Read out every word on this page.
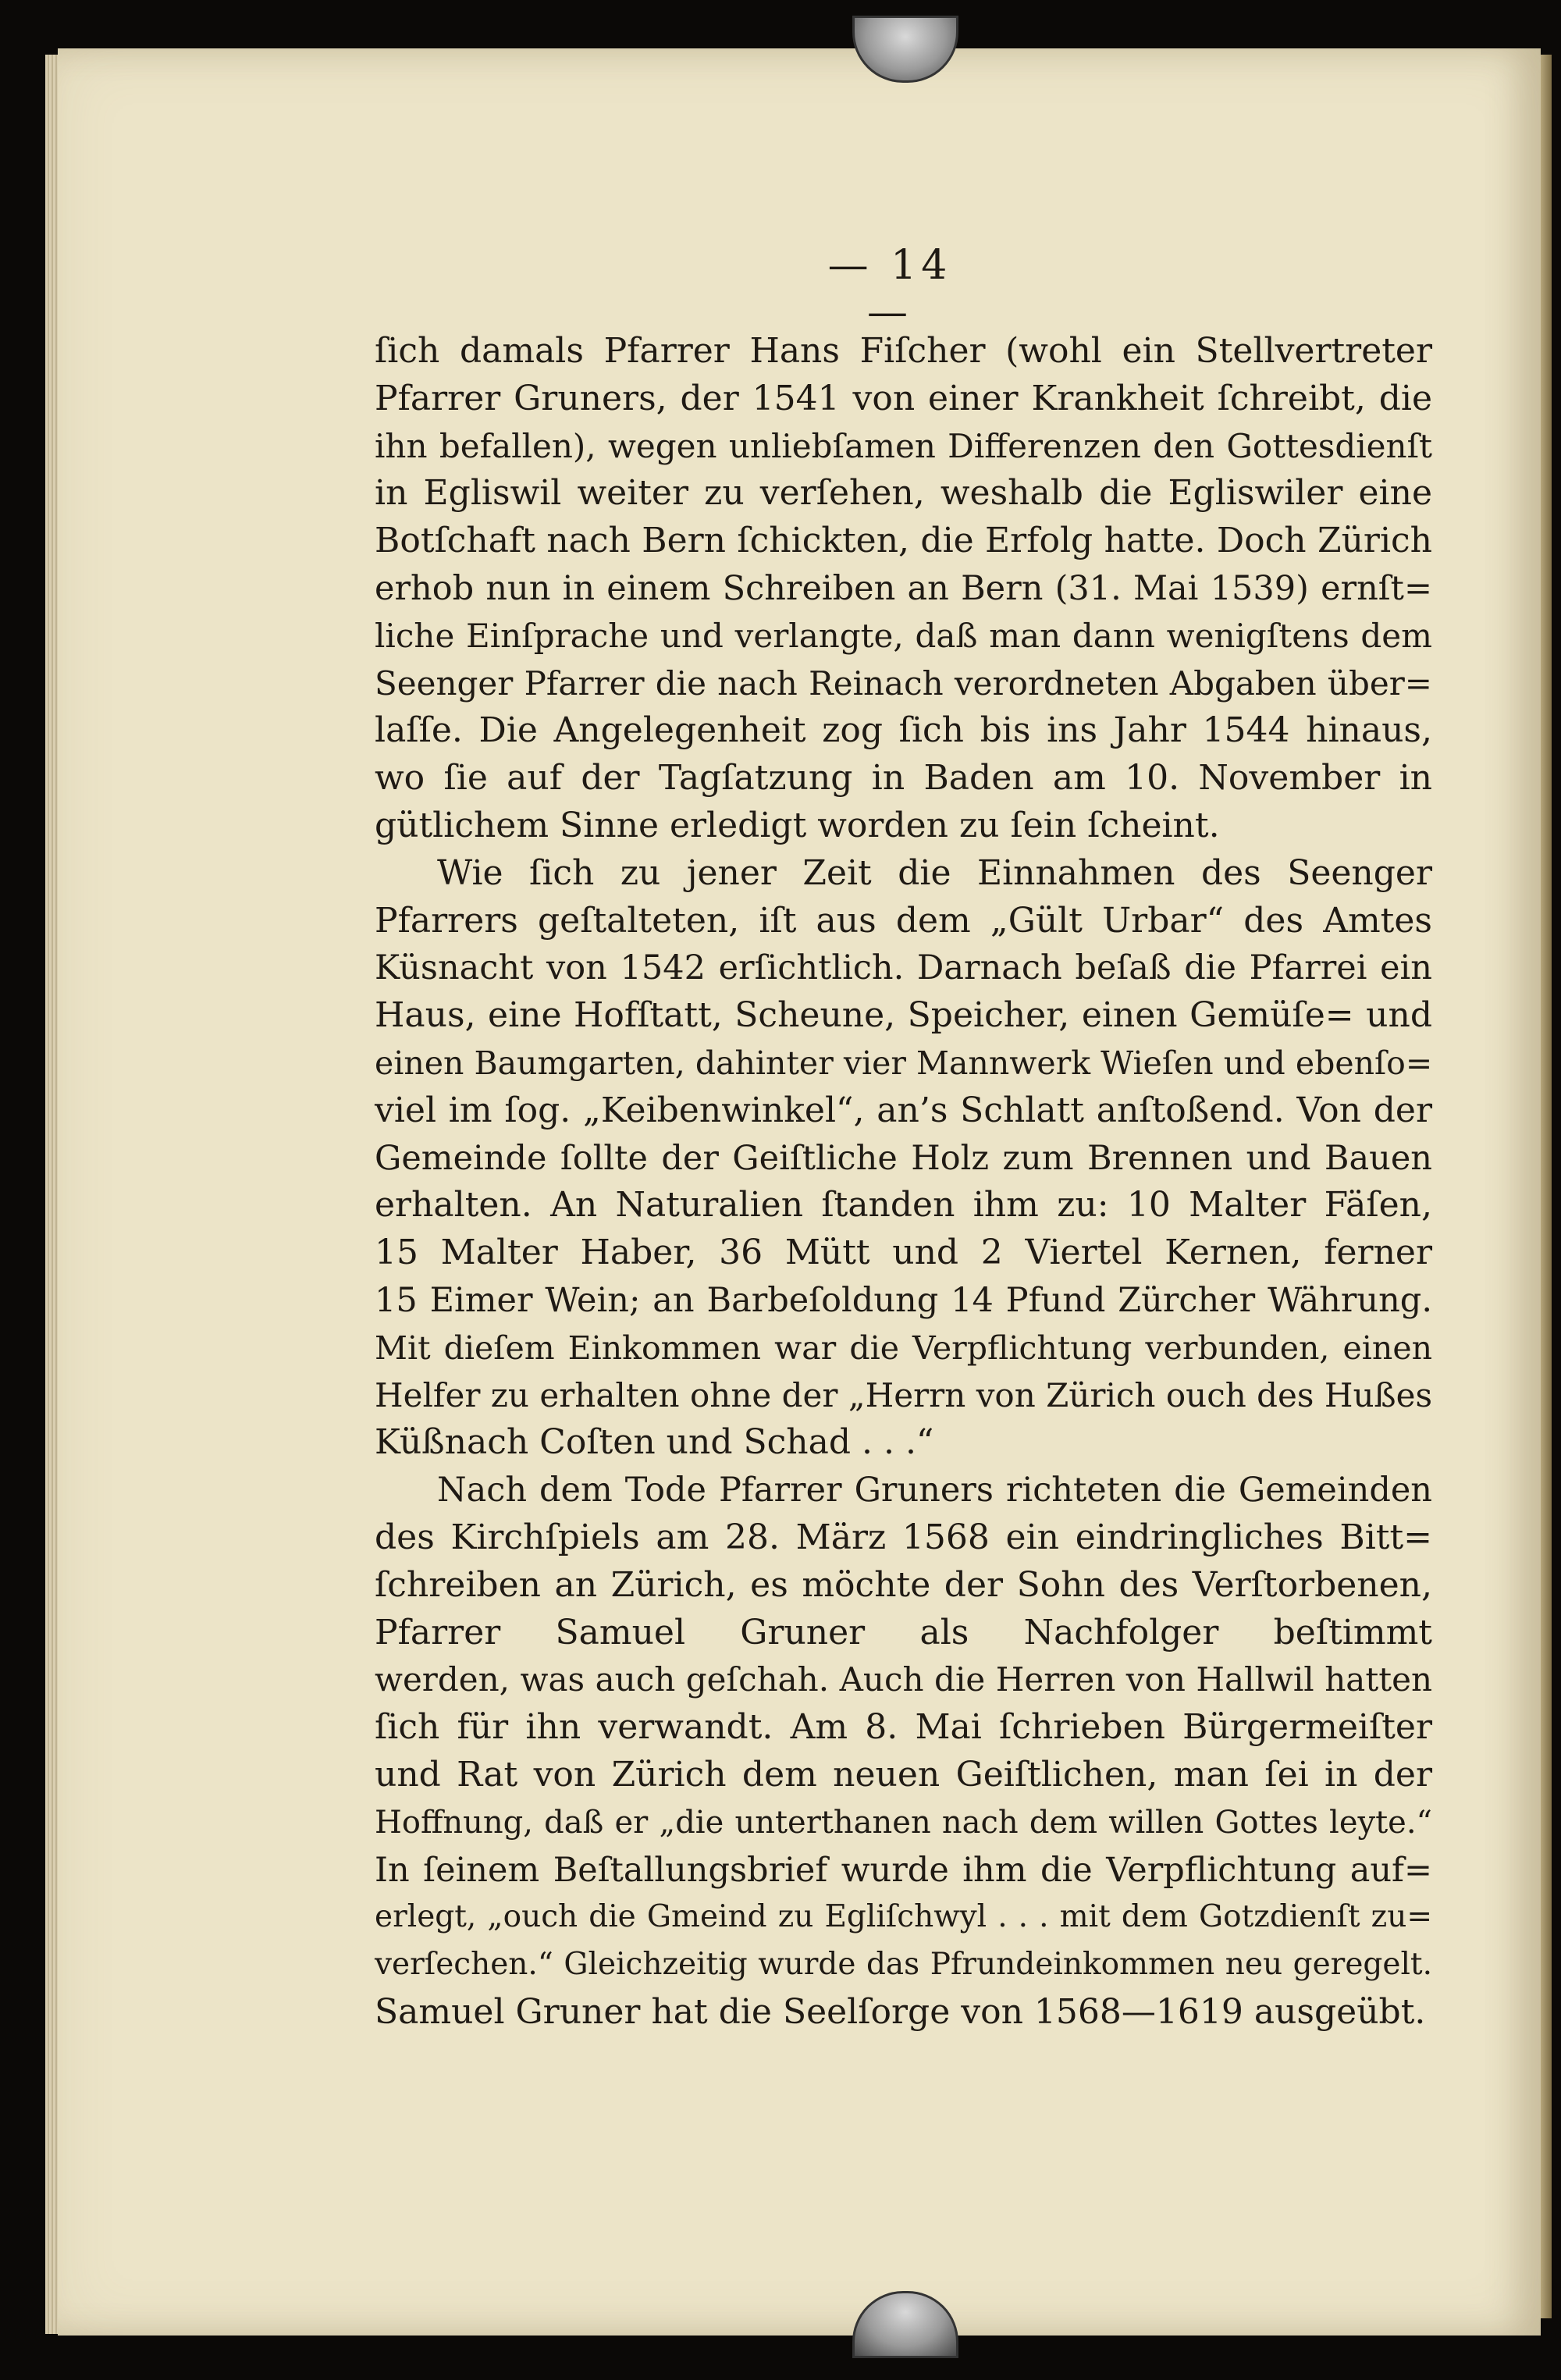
— 14 —
ſich damals Pfarrer Hans Fiſcher (wohl ein Stellvertreter
Pfarrer Gruners, der 1541 von einer Krankheit ſchreibt, die
ihn befallen), wegen unliebſamen Differenzen den Gottesdienſt
in Egliswil weiter zu verſehen, weshalb die Egliswiler eine
Botſchaft nach Bern ſchickten, die Erfolg hatte. Doch Zürich
erhob nun in einem Schreiben an Bern (31. Mai 1539) ernſt=
liche Einſprache und verlangte, daß man dann wenigſtens dem
Seenger Pfarrer die nach Reinach verordneten Abgaben über=
laſſe. Die Angelegenheit zog ſich bis ins Jahr 1544 hinaus,
wo ſie auf der Tagſatzung in Baden am 10. November in
gütlichem Sinne erledigt worden zu ſein ſcheint.
Wie ſich zu jener Zeit die Einnahmen des Seenger
Pfarrers geſtalteten, iſt aus dem „Gült Urbar“ des Amtes
Küsnacht von 1542 erſichtlich. Darnach beſaß die Pfarrei ein
Haus, eine Hofſtatt, Scheune, Speicher, einen Gemüſe= und
einen Baumgarten, dahinter vier Mannwerk Wieſen und ebenſo=
viel im ſog. „Keibenwinkel“, an’s Schlatt anſtoßend. Von der
Gemeinde ſollte der Geiſtliche Holz zum Brennen und Bauen
erhalten. An Naturalien ſtanden ihm zu: 10 Malter Fäſen,
15 Malter Haber, 36 Mütt und 2 Viertel Kernen, ferner
15 Eimer Wein; an Barbeſoldung 14 Pfund Zürcher Währung.
Mit dieſem Einkommen war die Verpflichtung verbunden, einen
Helfer zu erhalten ohne der „Herrn von Zürich ouch des Hußes
Küßnach Coſten und Schad . . .“
Nach dem Tode Pfarrer Gruners richteten die Gemeinden
des Kirchſpiels am 28. März 1568 ein eindringliches Bitt=
ſchreiben an Zürich, es möchte der Sohn des Verſtorbenen,
Pfarrer Samuel Gruner als Nachfolger beſtimmt
werden, was auch geſchah. Auch die Herren von Hallwil hatten
ſich für ihn verwandt. Am 8. Mai ſchrieben Bürgermeiſter
und Rat von Zürich dem neuen Geiſtlichen, man ſei in der
Hoffnung, daß er „die unterthanen nach dem willen Gottes leyte.“
In ſeinem Beſtallungsbrief wurde ihm die Verpflichtung auf=
erlegt, „ouch die Gmeind zu Egliſchwyl . . . mit dem Gotzdienſt zu=
verſechen.“ Gleichzeitig wurde das Pfrundeinkommen neu geregelt.
Samuel Gruner hat die Seelſorge von 1568—1619 ausgeübt.
